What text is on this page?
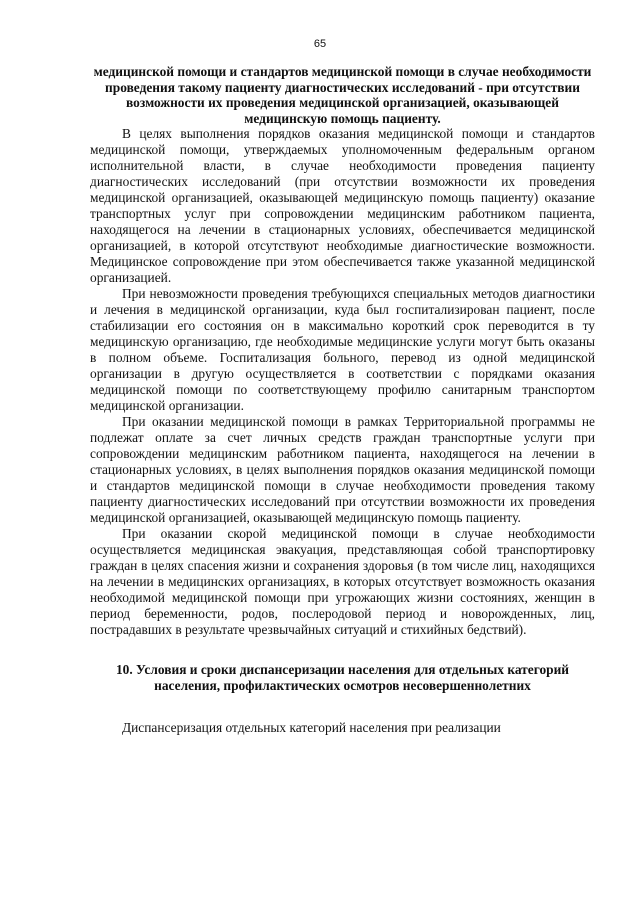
65

медицинской помощи и стандартов медицинской помощи в случае необходимости проведения такому пациенту диагностических исследований - при отсутствии возможности их проведения медицинской организацией, оказывающей медицинскую помощь пациенту.

В целях выполнения порядков оказания медицинской помощи и стандартов медицинской помощи, утверждаемых уполномоченным федеральным органом исполнительной власти, в случае необходимости проведения пациенту диагностических исследований (при отсутствии возможности их проведения медицинской организацией, оказывающей медицинскую помощь пациенту) оказание транспортных услуг при сопровождении медицинским работником пациента, находящегося на лечении в стационарных условиях, обеспечивается медицинской организацией, в которой отсутствуют необходимые диагностические возможности. Медицинское сопровождение при этом обеспечивается также указанной медицинской организацией.

При невозможности проведения требующихся специальных методов диагностики и лечения в медицинской организации, куда был госпитализирован пациент, после стабилизации его состояния он в максимально короткий срок переводится в ту медицинскую организацию, где необходимые медицинские услуги могут быть оказаны в полном объеме. Госпитализация больного, перевод из одной медицинской организации в другую осуществляется в соответствии с порядками оказания медицинской помощи по соответствующему профилю санитарным транспортом медицинской организации.

При оказании медицинской помощи в рамках Территориальной программы не подлежат оплате за счет личных средств граждан транспортные услуги при сопровождении медицинским работником пациента, находящегося на лечении в стационарных условиях, в целях выполнения порядков оказания медицинской помощи и стандартов медицинской помощи в случае необходимости проведения такому пациенту диагностических исследований при отсутствии возможности их проведения медицинской организацией, оказывающей медицинскую помощь пациенту.

При оказании скорой медицинской помощи в случае необходимости осуществляется медицинская эвакуация, представляющая собой транспортировку граждан в целях спасения жизни и сохранения здоровья (в том числе лиц, находящихся на лечении в медицинских организациях, в которых отсутствует возможность оказания необходимой медицинской помощи при угрожающих жизни состояниях, женщин в период беременности, родов, послеродовой период и новорожденных, лиц, пострадавших в результате чрезвычайных ситуаций и стихийных бедствий).

10. Условия и сроки диспансеризации населения для отдельных категорий населения, профилактических осмотров несовершеннолетних

Диспансеризация отдельных категорий населения при реализации
